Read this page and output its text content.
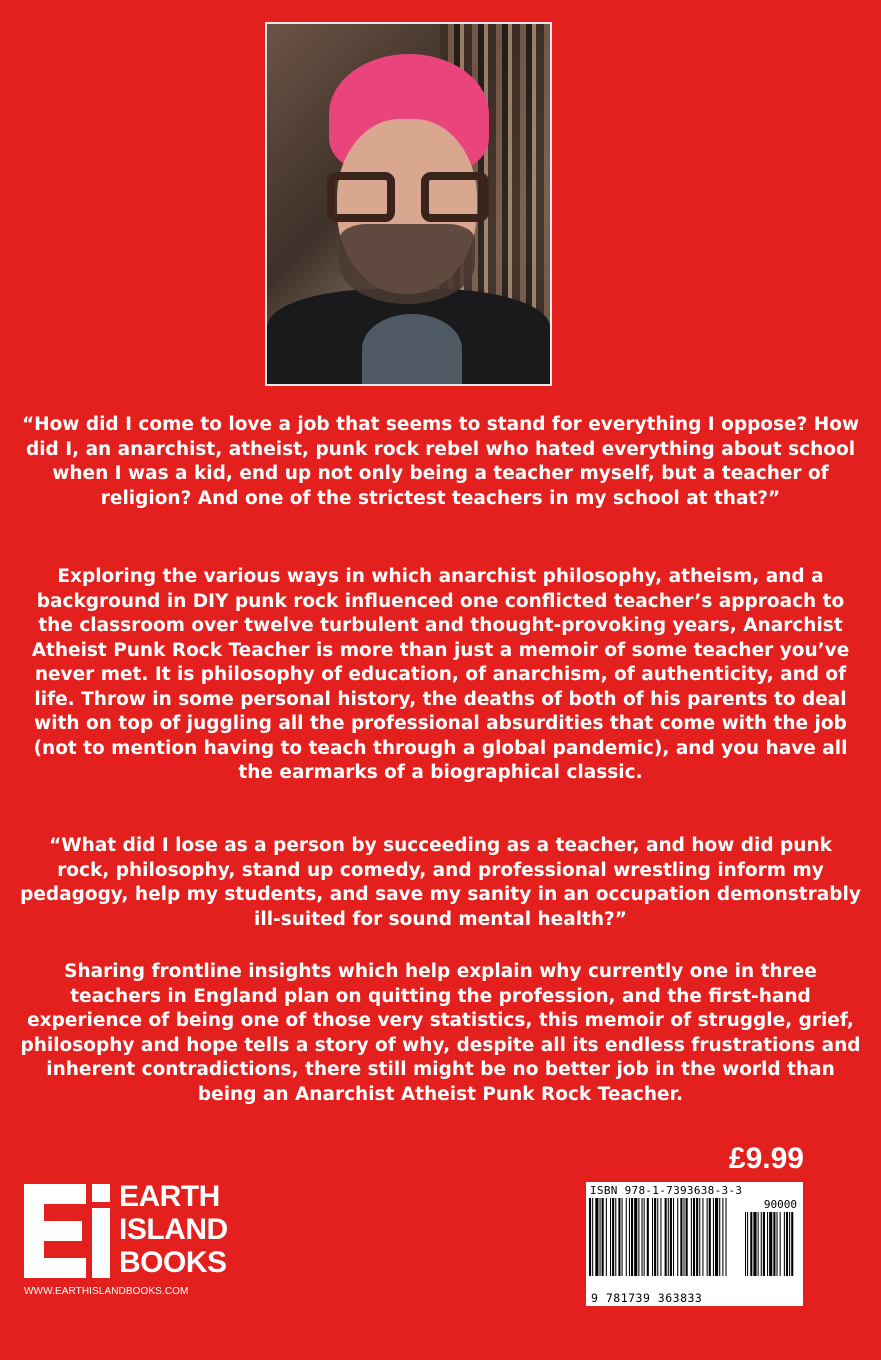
“How did I come to love a job that seems to stand for everything I oppose? How did I, an anarchist, atheist, punk rock rebel who hated everything about school when I was a kid, end up not only being a teacher myself, but a teacher of religion? And one of the strictest teachers in my school at that?”

Exploring the various ways in which anarchist philosophy, atheism, and a background in DIY punk rock influenced one conflicted teacher’s approach to the classroom over twelve turbulent and thought-provoking years, Anarchist Atheist Punk Rock Teacher is more than just a memoir of some teacher you’ve never met. It is philosophy of education, of anarchism, of authenticity, and of life. Throw in some personal history, the deaths of both of his parents to deal with on top of juggling all the professional absurdities that come with the job (not to mention having to teach through a global pandemic), and you have all the earmarks of a biographical classic.

“What did I lose as a person by succeeding as a teacher, and how did punk rock, philosophy, stand up comedy, and professional wrestling inform my pedagogy, help my students, and save my sanity in an occupation demonstrably ill-suited for sound mental health?”

Sharing frontline insights which help explain why currently one in three teachers in England plan on quitting the profession, and the first-hand experience of being one of those very statistics, this memoir of struggle, grief, philosophy and hope tells a story of why, despite all its endless frustrations and inherent contradictions, there still might be no better job in the world than being an Anarchist Atheist Punk Rock Teacher.

EARTH
ISLAND
BOOKS
WWW.EARTHISLANDBOOKS.COM
£9.99
ISBN 978-1-7393638-3-3
90000
9 781739 363833
